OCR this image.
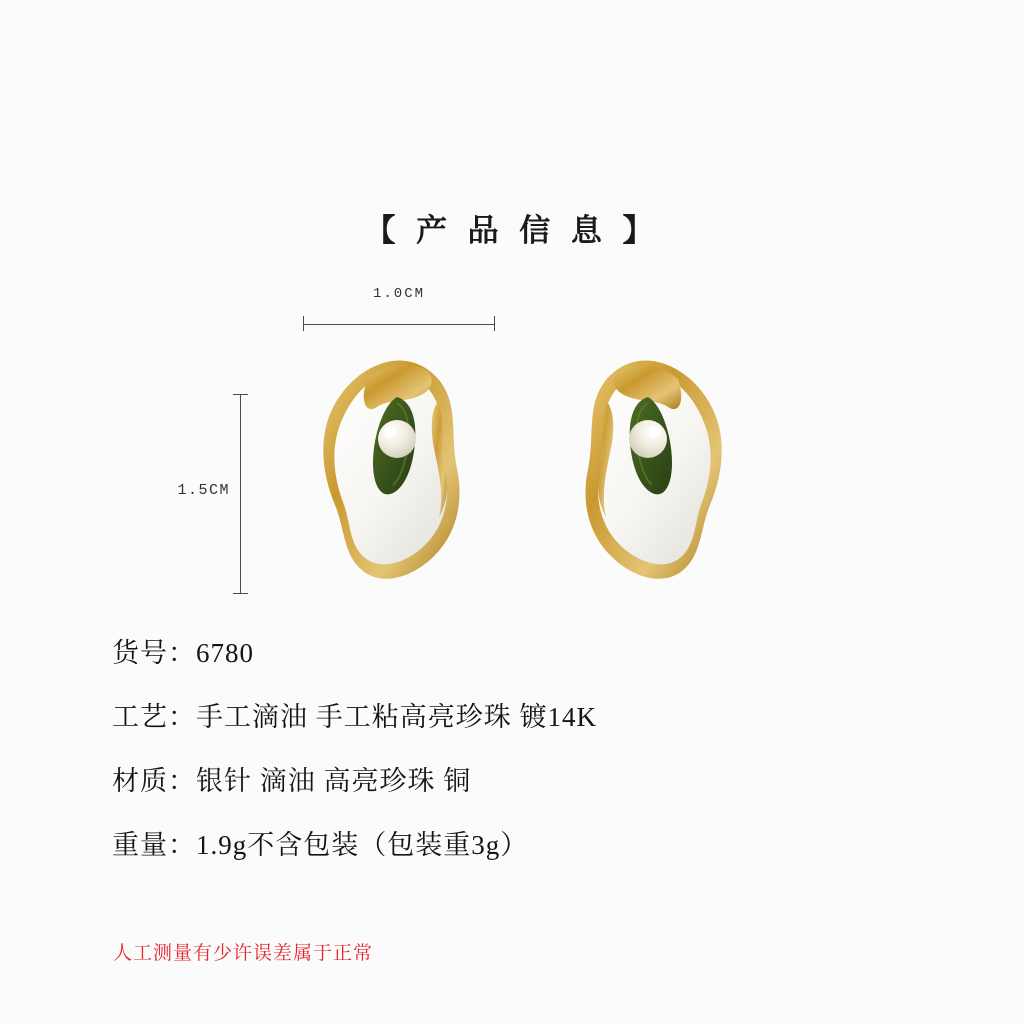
【 产 品 信 息 】
1.0CM
1.5CM
货号：6780
工艺：手工滴油 手工粘高亮珍珠 镀14K
材质：银针 滴油 高亮珍珠 铜
重量：1.9g不含包装（包装重3g）
人工测量有少许误差属于正常
